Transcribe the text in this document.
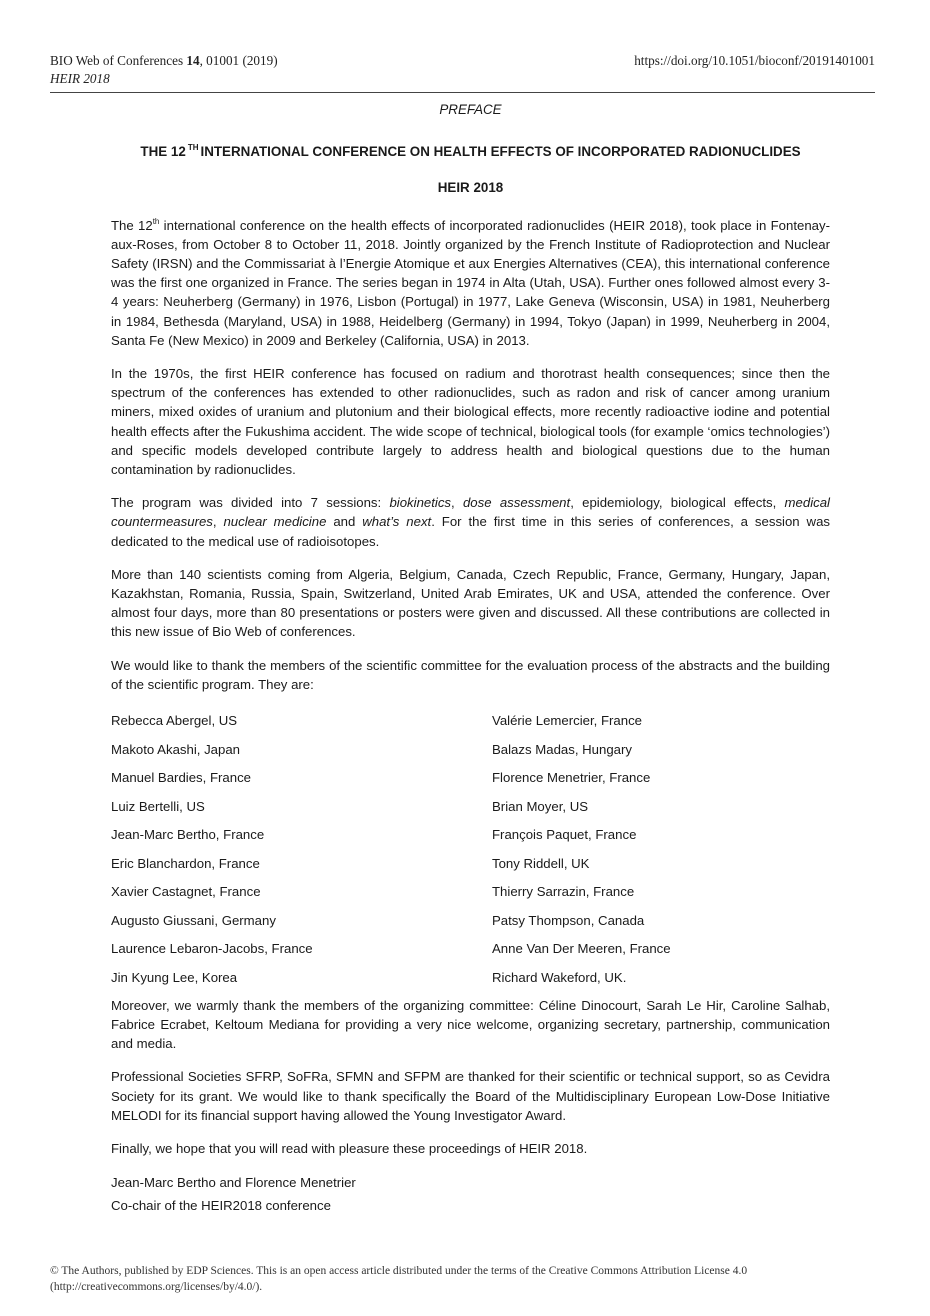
BIO Web of Conferences 14, 01001 (2019)
HEIR 2018
https://doi.org/10.1051/bioconf/20191401001
PREFACE
THE 12 $^{TH}$ INTERNATIONAL CONFERENCE ON HEALTH EFFECTS OF INCORPORATED RADIONUCLIDES
HEIR 2018

The 12th international conference on the health effects of incorporated radionuclides (HEIR 2018), took place in Fontenay-aux-Roses, from October 8 to October 11, 2018. Jointly organized by the French Institute of Radioprotection and Nuclear Safety (IRSN) and the Commissariat à l’Energie Atomique et aux Energies Alternatives (CEA), this international conference was the first one organized in France. The series began in 1974 in Alta (Utah, USA). Further ones followed almost every 3-4 years: Neuherberg (Germany) in 1976, Lisbon (Portugal) in 1977, Lake Geneva (Wisconsin, USA) in 1981, Neuherberg in 1984, Bethesda (Maryland, USA) in 1988, Heidelberg (Germany) in 1994, Tokyo (Japan) in 1999, Neuherberg in 2004, Santa Fe (New Mexico) in 2009 and Berkeley (California, USA) in 2013.

In the 1970s, the first HEIR conference has focused on radium and thorotrast health consequences; since then the spectrum of the conferences has extended to other radionuclides, such as radon and risk of cancer among uranium miners, mixed oxides of uranium and plutonium and their biological effects, more recently radioactive iodine and potential health effects after the Fukushima accident. The wide scope of technical, biological tools (for example ‘omics technologies’) and specific models developed contribute largely to address health and biological questions due to the human contamination by radionuclides.

The program was divided into 7 sessions: biokinetics, dose assessment, epidemiology, biological effects, medical countermeasures, nuclear medicine and what’s next. For the first time in this series of conferences, a session was dedicated to the medical use of radioisotopes.

More than 140 scientists coming from Algeria, Belgium, Canada, Czech Republic, France, Germany, Hungary, Japan, Kazakhstan, Romania, Russia, Spain, Switzerland, United Arab Emirates, UK and USA, attended the conference. Over almost four days, more than 80 presentations or posters were given and discussed. All these contributions are collected in this new issue of Bio Web of conferences.

We would like to thank the members of the scientific committee for the evaluation process of the abstracts and the building of the scientific program. They are:

Rebecca Abergel, US	Valérie Lemercier, France
Makoto Akashi, Japan	Balazs Madas, Hungary
Manuel Bardies, France	Florence Menetrier, France
Luiz Bertelli, US	Brian Moyer, US
Jean-Marc Bertho, France	François Paquet, France
Eric Blanchardon, France	Tony Riddell, UK
Xavier Castagnet, France	Thierry Sarrazin, France
Augusto Giussani, Germany	Patsy Thompson, Canada
Laurence Lebaron-Jacobs, France	Anne Van Der Meeren, France
Jin Kyung Lee, Korea	Richard Wakeford, UK.

Moreover, we warmly thank the members of the organizing committee: Céline Dinocourt, Sarah Le Hir, Caroline Salhab, Fabrice Ecrabet, Keltoum Mediana for providing a very nice welcome, organizing secretary, partnership, communication and media.

Professional Societies SFRP, SoFRa, SFMN and SFPM are thanked for their scientific or technical support, so as Cevidra Society for its grant. We would like to thank specifically the Board of the Multidisciplinary European Low-Dose Initiative MELODI for its financial support having allowed the Young Investigator Award.

Finally, we hope that you will read with pleasure these proceedings of HEIR 2018.

Jean-Marc Bertho and Florence Menetrier
Co-chair of the HEIR2018 conference
© The Authors, published by EDP Sciences. This is an open access article distributed under the terms of the Creative Commons Attribution License 4.0
(http://creativecommons.org/licenses/by/4.0/).
